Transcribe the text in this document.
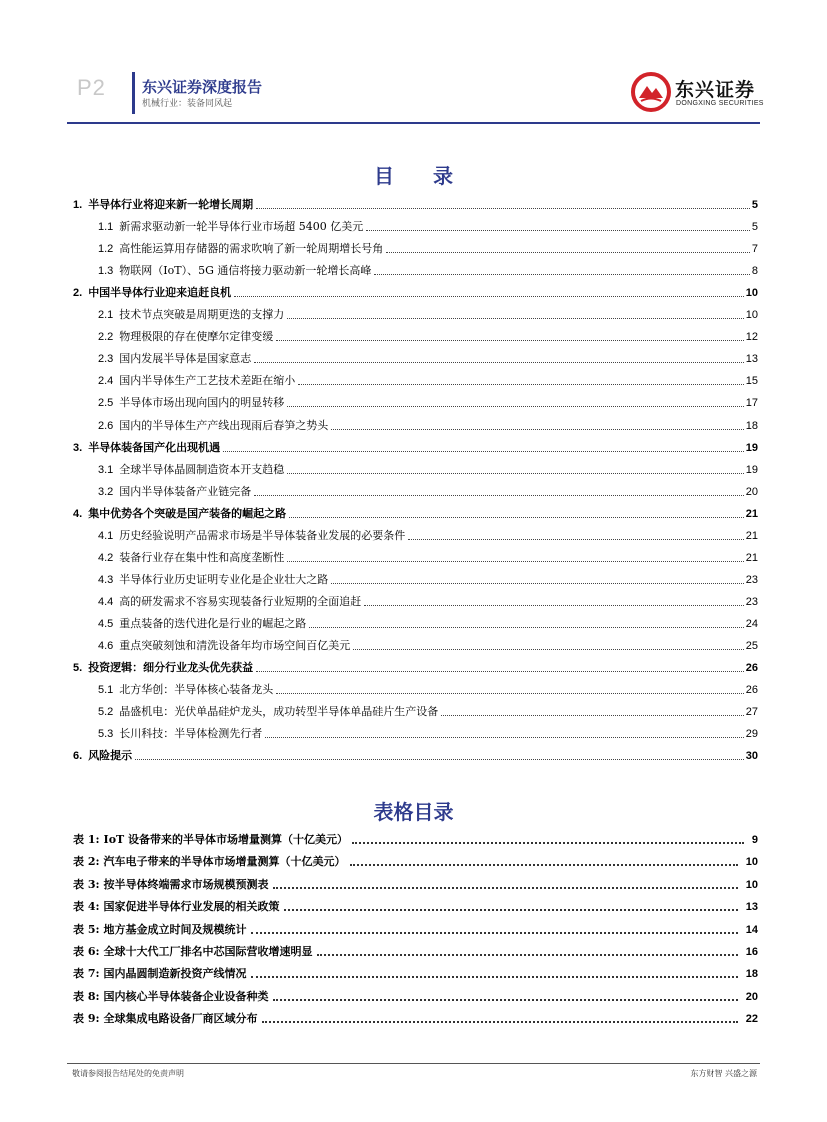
P2 东兴证券深度报告
机械行业：装备同风起
东兴证券
DONGXING SECURITIES
目 录
1. 半导体行业将迎来新一轮增长周期	5
1.1 新需求驱动新一轮半导体行业市场超 5400 亿美元	5
1.2 高性能运算用存储器的需求吹响了新一轮周期增长号角	7
1.3 物联网（IoT）、5G 通信将接力驱动新一轮增长高峰	8
2. 中国半导体行业迎来追赶良机	10
2.1 技术节点突破是周期更迭的支撑力	10
2.2 物理极限的存在使摩尔定律变缓	12
2.3 国内发展半导体是国家意志	13
2.4 国内半导体生产工艺技术差距在缩小	15
2.5 半导体市场出现向国内的明显转移	17
2.6 国内的半导体生产产线出现雨后春笋之势头	18
3. 半导体装备国产化出现机遇	19
3.1 全球半导体晶圆制造资本开支趋稳	19
3.2 国内半导体装备产业链完备	20
4. 集中优势各个突破是国产装备的崛起之路	21
4.1 历史经验说明产品需求市场是半导体装备业发展的必要条件	21
4.2 装备行业存在集中性和高度垄断性	21
4.3 半导体行业历史证明专业化是企业壮大之路	23
4.4 高的研发需求不容易实现装备行业短期的全面追赶	23
4.5 重点装备的迭代进化是行业的崛起之路	24
4.6 重点突破刻蚀和清洗设备年均市场空间百亿美元	25
5. 投资逻辑：细分行业龙头优先获益	26
5.1 北方华创：半导体核心装备龙头	26
5.2 晶盛机电：光伏单晶硅炉龙头，成功转型半导体单晶硅片生产设备	27
5.3 长川科技：半导体检测先行者	29
6. 风险提示	30
表格目录
表 1: IoT 设备带来的半导体市场增量测算（十亿美元）	9
表 2: 汽车电子带来的半导体市场增量测算（十亿美元）	10
表 3: 按半导体终端需求市场规模预测表	10
表 4: 国家促进半导体行业发展的相关政策	13
表 5: 地方基金成立时间及规模统计	14
表 6: 全球十大代工厂排名中芯国际营收增速明显	16
表 7: 国内晶圆制造新投资产线情况	18
表 8: 国内核心半导体装备企业设备种类	20
表 9: 全球集成电路设备厂商区域分布	22
敬请参阅报告结尾处的免责声明	东方财智 兴盛之源
